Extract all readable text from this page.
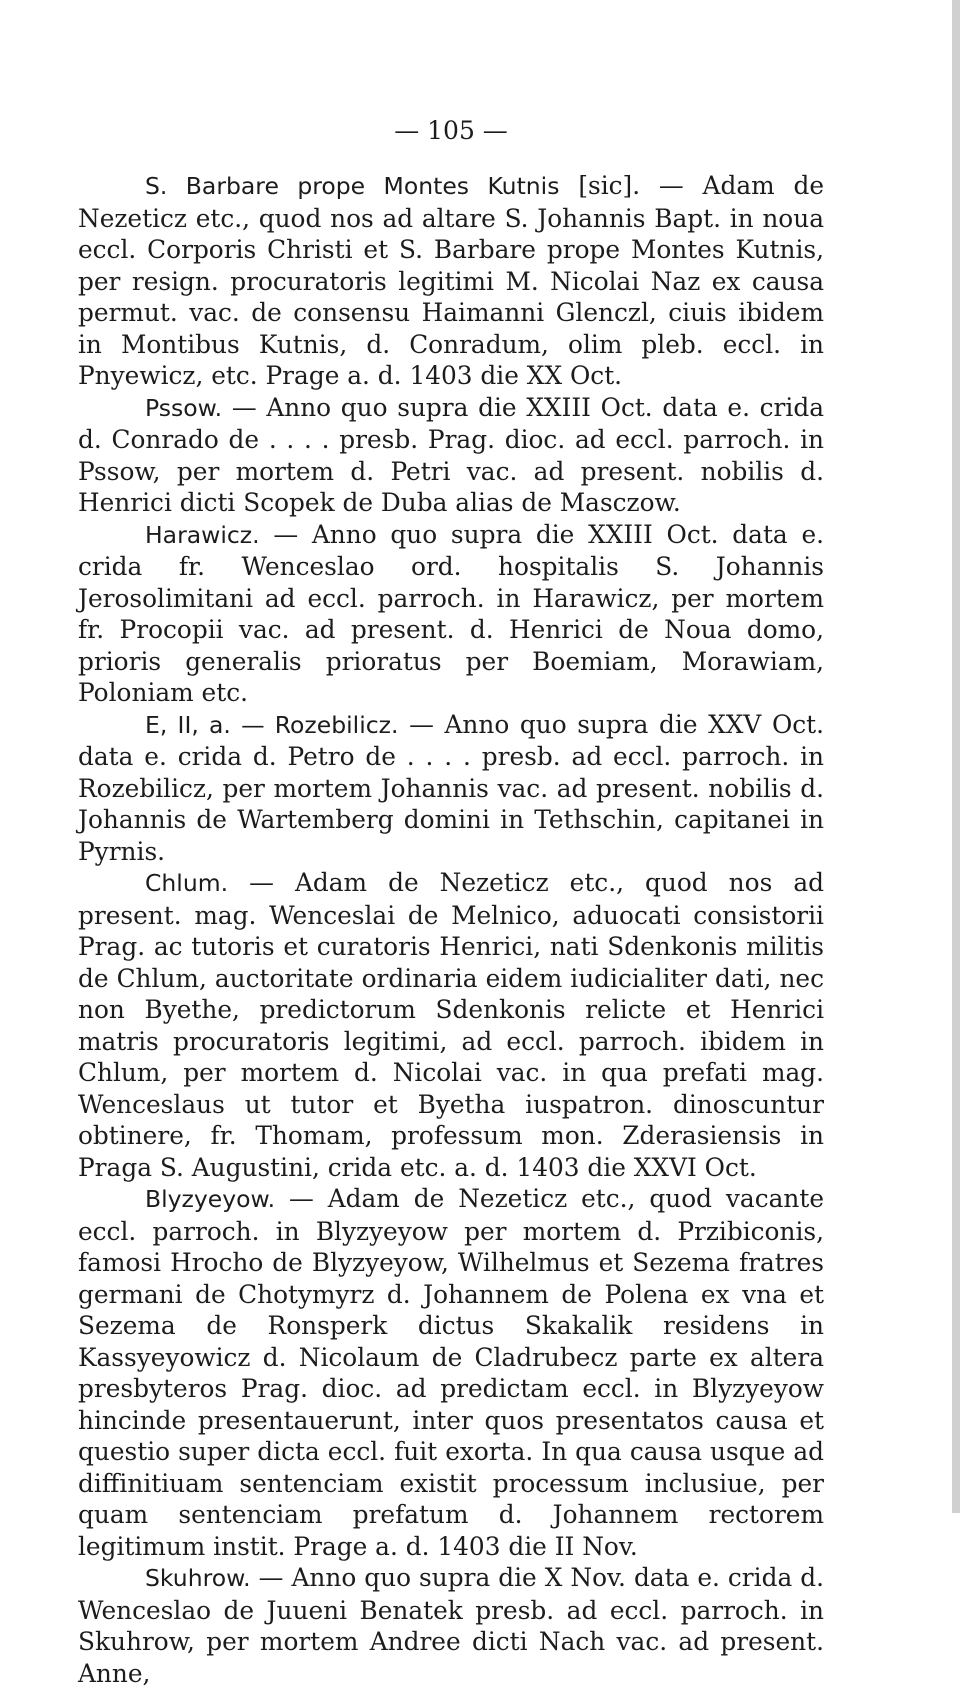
— 105 —

S. Barbare prope Montes Kutnis [sic]. — Adam de Nezeticz etc., quod nos ad altare S. Johannis Bapt. in noua eccl. Corporis Christi et S. Barbare prope Montes Kutnis, per resign. procuratoris legitimi M. Nicolai Naz ex causa permut. vac. de consensu Haimanni Glenczl, ciuis ibidem in Montibus Kutnis, d. Conradum, olim pleb. eccl. in Pnyewicz, etc. Prage a. d. 1403 die XX Oct.

Pssow. — Anno quo supra die XXIII Oct. data e. crida d. Conrado de . . . . presb. Prag. dioc. ad eccl. parroch. in Pssow, per mortem d. Petri vac. ad present. nobilis d. Henrici dicti Scopek de Duba alias de Masczow.

Harawicz. — Anno quo supra die XXIII Oct. data e. crida fr. Wenceslao ord. hospitalis S. Johannis Jerosolimitani ad eccl. parroch. in Harawicz, per mortem fr. Procopii vac. ad present. d. Henrici de Noua domo, prioris generalis prioratus per Boemiam, Morawiam, Poloniam etc.

E, II, a. — Rozebilicz. — Anno quo supra die XXV Oct. data e. crida d. Petro de . . . . presb. ad eccl. parroch. in Rozebilicz, per mortem Johannis vac. ad present. nobilis d. Johannis de Wartemberg domini in Tethschin, capitanei in Pyrnis.

Chlum. — Adam de Nezeticz etc., quod nos ad present. mag. Wenceslai de Melnico, aduocati consistorii Prag. ac tutoris et curatoris Henrici, nati Sdenkonis militis de Chlum, auctoritate ordinaria eidem iudicialiter dati, nec non Byethe, predictorum Sdenkonis relicte et Henrici matris procuratoris legitimi, ad eccl. parroch. ibidem in Chlum, per mortem d. Nicolai vac. in qua prefati mag. Wenceslaus ut tutor et Byetha iuspatron. dinoscuntur obtinere, fr. Thomam, professum mon. Zderasiensis in Praga S. Augustini, crida etc. a. d. 1403 die XXVI Oct.

Blyzyeyow. — Adam de Nezeticz etc., quod vacante eccl. parroch. in Blyzyeyow per mortem d. Przibiconis, famosi Hrocho de Blyzyeyow, Wilhelmus et Sezema fratres germani de Chotymyrz d. Johannem de Polena ex vna et Sezema de Ronsperk dictus Skakalik residens in Kassyeyowicz d. Nicolaum de Cladrubecz parte ex altera presbyteros Prag. dioc. ad predictam eccl. in Blyzyeyow hincinde presentauerunt, inter quos presentatos causa et questio super dicta eccl. fuit exorta. In qua causa usque ad diffinitiuam sentenciam existit processum inclusiue, per quam sentenciam prefatum d. Johannem rectorem legitimum instit. Prage a. d. 1403 die II Nov.

Skuhrow. — Anno quo supra die X Nov. data e. crida d. Wenceslao de Juueni Benatek presb. ad eccl. parroch. in Skuhrow, per mortem Andree dicti Nach vac. ad present. Anne,
